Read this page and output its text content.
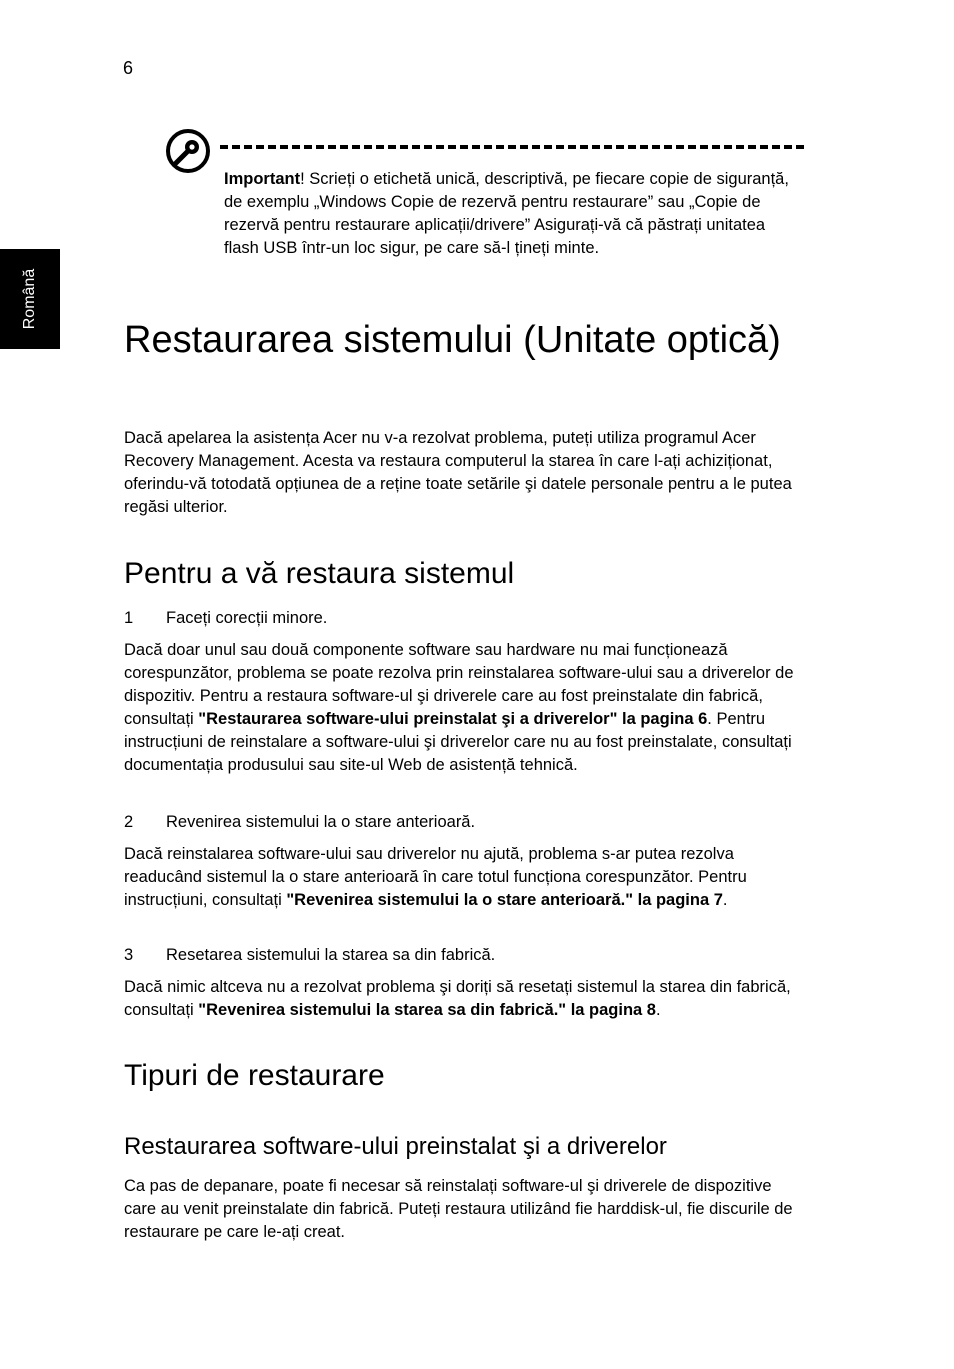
6
Română
Important! Scrieți o etichetă unică, descriptivă, pe fiecare copie de siguranță, de exemplu „Windows Copie de rezervă pentru restaurare” sau „Copie de rezervă pentru restaurare aplicații/drivere” Asigurați-vă că păstrați unitatea flash USB într-un loc sigur, pe care să-l țineți minte.
Restaurarea sistemului (Unitate optică)
Dacă apelarea la asistența Acer nu v-a rezolvat problema, puteți utiliza programul Acer Recovery Management. Acesta va restaura computerul la starea în care l-ați achiziționat, oferindu-vă totodată opțiunea de a reține toate setările şi datele personale pentru a le putea regăsi ulterior.
Pentru a vă restaura sistemul
1 Faceți corecții minore.
Dacă doar unul sau două componente software sau hardware nu mai funcționează corespunzător, problema se poate rezolva prin reinstalarea software-ului sau a driverelor de dispozitiv. Pentru a restaura software-ul şi driverele care au fost preinstalate din fabrică, consultați "Restaurarea software-ului preinstalat şi a driverelor" la pagina 6. Pentru instrucțiuni de reinstalare a software-ului şi driverelor care nu au fost preinstalate, consultați documentația produsului sau site-ul Web de asistență tehnică.
2 Revenirea sistemului la o stare anterioară.
Dacă reinstalarea software-ului sau driverelor nu ajută, problema s-ar putea rezolva readucând sistemul la o stare anterioară în care totul funcționa corespunzător. Pentru instrucțiuni, consultați "Revenirea sistemului la o stare anterioară." la pagina 7.
3 Resetarea sistemului la starea sa din fabrică.
Dacă nimic altceva nu a rezolvat problema şi doriți să resetați sistemul la starea din fabrică, consultați "Revenirea sistemului la starea sa din fabrică." la pagina 8.
Tipuri de restaurare
Restaurarea software-ului preinstalat şi a driverelor
Ca pas de depanare, poate fi necesar să reinstalați software-ul şi driverele de dispozitive care au venit preinstalate din fabrică. Puteți restaura utilizând fie harddisk-ul, fie discurile de restaurare pe care le-ați creat.
